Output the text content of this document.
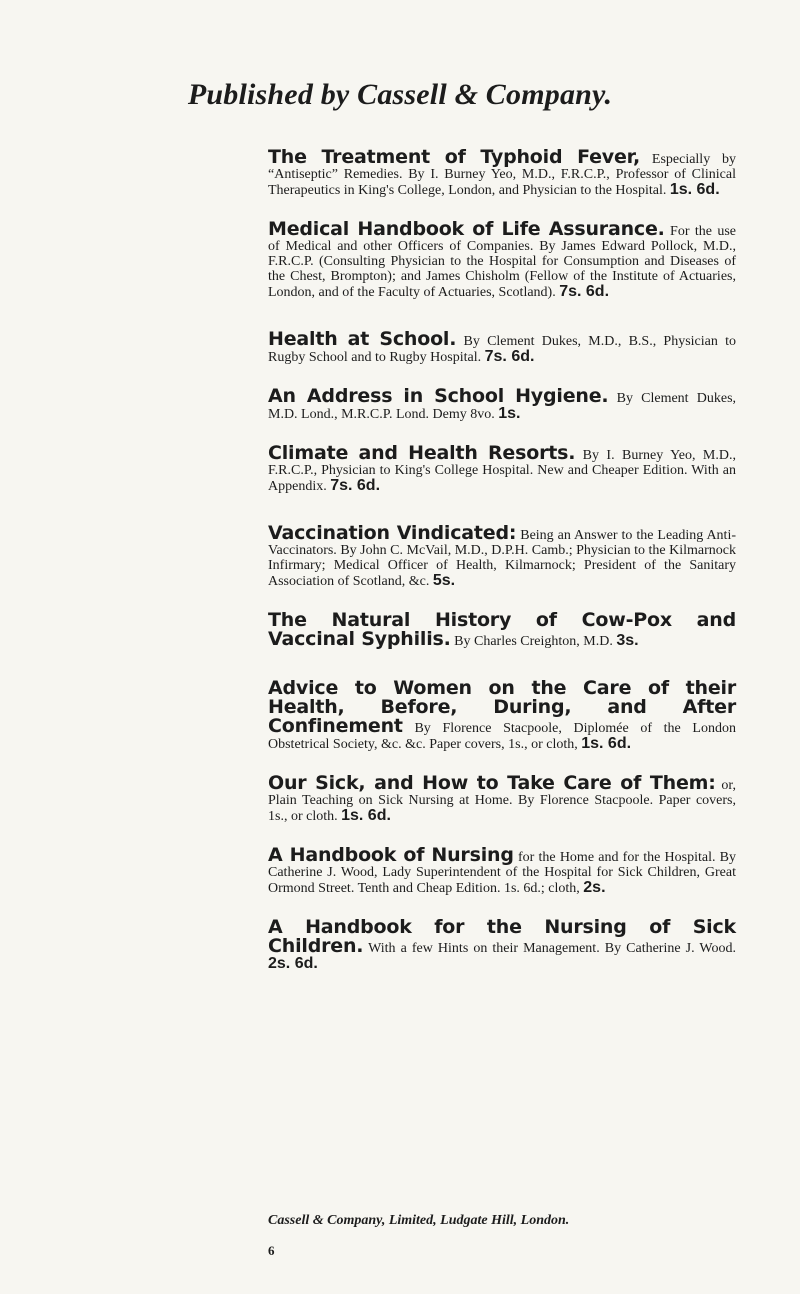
Published by Cassell & Company.
The Treatment of Typhoid Fever, Especially by “Antiseptic” Remedies. By I. Burney Yeo, M.D., F.R.C.P., Professor of Clinical Therapeutics in King's College, London, and Physician to the Hospital. 1s. 6d.
Medical Handbook of Life Assurance. For the use of Medical and other Officers of Companies. By James Edward Pollock, M.D., F.R.C.P. (Consulting Physician to the Hospital for Consumption and Diseases of the Chest, Brompton); and James Chisholm (Fellow of the Institute of Actuaries, London, and of the Faculty of Actuaries, Scotland). 7s. 6d.
Health at School. By Clement Dukes, M.D., B.S., Physician to Rugby School and to Rugby Hospital. 7s. 6d.
An Address in School Hygiene. By Clement Dukes, M.D. Lond., M.R.C.P. Lond. Demy 8vo. 1s.
Climate and Health Resorts. By I. Burney Yeo, M.D., F.R.C.P., Physician to King's College Hospital. New and Cheaper Edition. With an Appendix. 7s. 6d.
Vaccination Vindicated: Being an Answer to the Leading Anti-Vaccinators. By John C. McVail, M.D., D.P.H. Camb.; Physician to the Kilmarnock Infirmary; Medical Officer of Health, Kilmarnock; President of the Sanitary Association of Scotland, &c. 5s.
The Natural History of Cow-Pox and Vaccinal Syphilis. By Charles Creighton, M.D. 3s.
Advice to Women on the Care of their Health, Before, During, and After Confinement By Florence Stacpoole, Diplomée of the London Obstetrical Society, &c. &c. Paper covers, 1s., or cloth, 1s. 6d.
Our Sick, and How to Take Care of Them: or, Plain Teaching on Sick Nursing at Home. By Florence Stacpoole. Paper covers, 1s., or cloth. 1s. 6d.
A Handbook of Nursing for the Home and for the Hospital. By Catherine J. Wood, Lady Superintendent of the Hospital for Sick Children, Great Ormond Street. Tenth and Cheap Edition. 1s. 6d.; cloth, 2s.
A Handbook for the Nursing of Sick Children. With a few Hints on their Management. By Catherine J. Wood. 2s. 6d.
Cassell & Company, Limited, Ludgate Hill, London.
6
